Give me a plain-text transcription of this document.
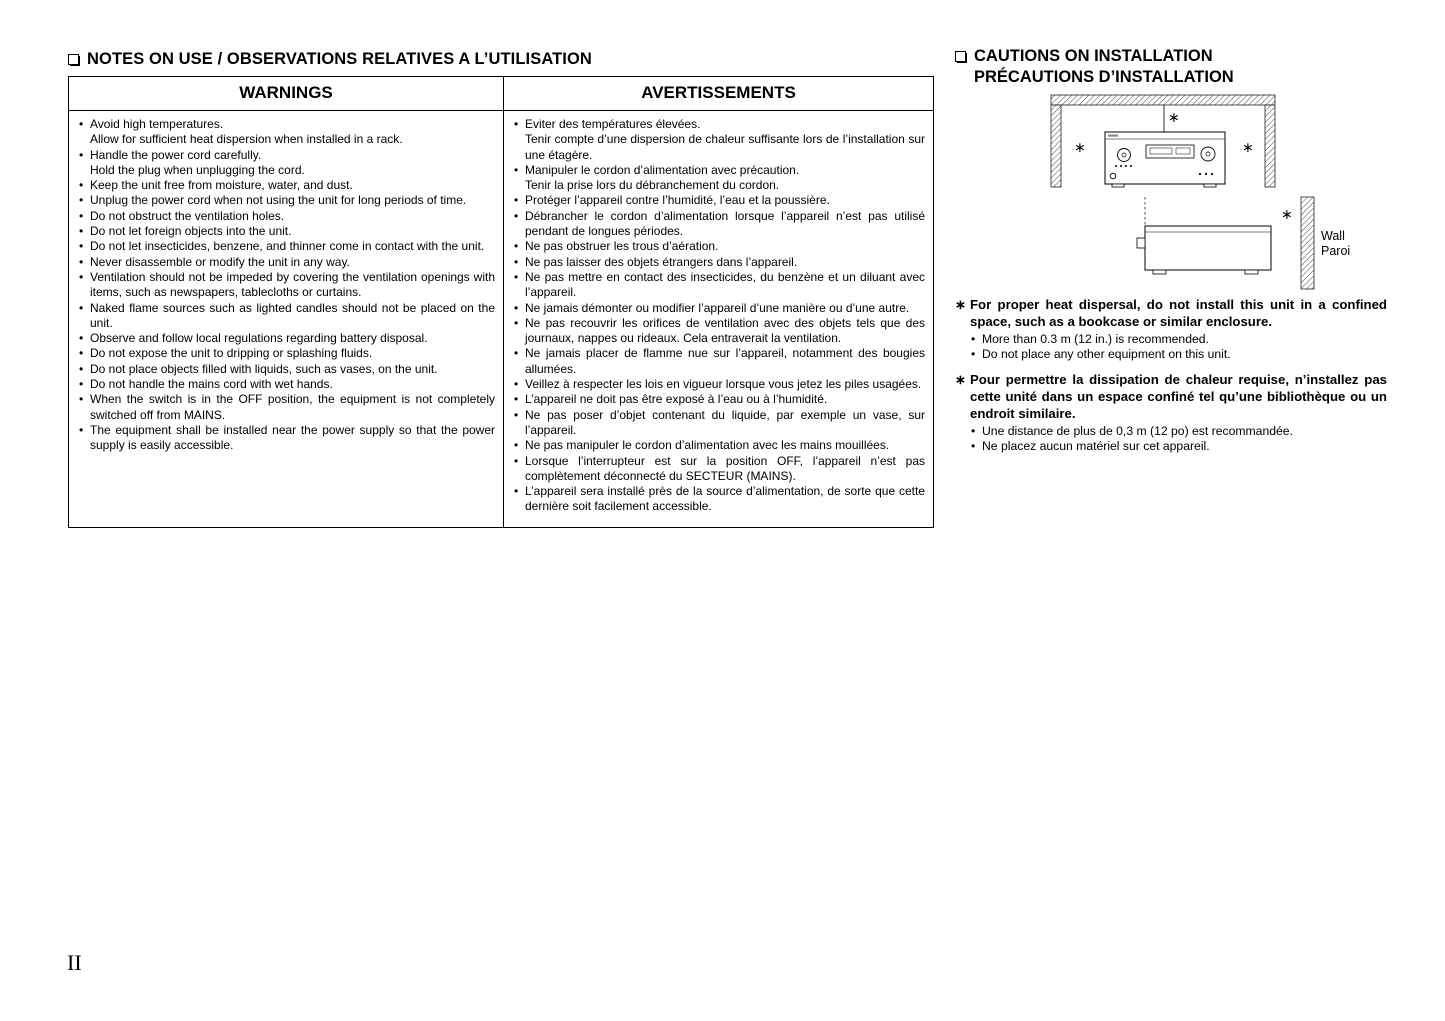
NOTES ON USE / OBSERVATIONS RELATIVES A L’UTILISATION
WARNINGS	AVERTISSEMENTS
• Avoid high temperatures.
Allow for sufficient heat dispersion when installed in a rack.
• Handle the power cord carefully.
Hold the plug when unplugging the cord.
• Keep the unit free from moisture, water, and dust.
• Unplug the power cord when not using the unit for long periods of time.
• Do not obstruct the ventilation holes.
• Do not let foreign objects into the unit.
• Do not let insecticides, benzene, and thinner come in contact with the unit.
• Never disassemble or modify the unit in any way.
• Ventilation should not be impeded by covering the ventilation openings with items, such as newspapers, tablecloths or curtains.
• Naked flame sources such as lighted candles should not be placed on the unit.
• Observe and follow local regulations regarding battery disposal.
• Do not expose the unit to dripping or splashing fluids.
• Do not place objects filled with liquids, such as vases, on the unit.
• Do not handle the mains cord with wet hands.
• When the switch is in the OFF position, the equipment is not completely switched off from MAINS.
• The equipment shall be installed near the power supply so that the power supply is easily accessible.
• Eviter des températures élevées.
Tenir compte d’une dispersion de chaleur suffisante lors de l’installation sur une étagère.
• Manipuler le cordon d’alimentation avec précaution.
Tenir la prise lors du débranchement du cordon.
• Protéger l’appareil contre l’humidité, l’eau et la poussière.
• Débrancher le cordon d’alimentation lorsque l’appareil n’est pas utilisé pendant de longues périodes.
• Ne pas obstruer les trous d’aération.
• Ne pas laisser des objets étrangers dans l’appareil.
• Ne pas mettre en contact des insecticides, du benzène et un diluant avec l’appareil.
• Ne jamais démonter ou modifier l’appareil d’une manière ou d’une autre.
• Ne pas recouvrir les orifices de ventilation avec des objets tels que des journaux, nappes ou rideaux. Cela entraverait la ventilation.
• Ne jamais placer de flamme nue sur l’appareil, notamment des bougies allumées.
• Veillez à respecter les lois en vigueur lorsque vous jetez les piles usagées.
• L’appareil ne doit pas être exposé à l’eau ou à l’humidité.
• Ne pas poser d’objet contenant du liquide, par exemple un vase, sur l’appareil.
• Ne pas manipuler le cordon d’alimentation avec les mains mouillées.
• Lorsque l’interrupteur est sur la position OFF, l’appareil n’est pas complètement déconnecté du SECTEUR (MAINS).
• L’appareil sera installé près de la source d’alimentation, de sorte que cette dernière soit facilement accessible.
CAUTIONS ON INSTALLATION
PRÉCAUTIONS D’INSTALLATION
∗
∗	∗
∗
Wall
Paroi
∗ For proper heat dispersal, do not install this unit in a confined space, such as a bookcase or similar enclosure.
• More than 0.3 m (12 in.) is recommended.
• Do not place any other equipment on this unit.
∗ Pour permettre la dissipation de chaleur requise, n’installez pas cette unité dans un espace confiné tel qu’une bibliothèque ou un endroit similaire.
• Une distance de plus de 0,3 m (12 po) est recommandée.
• Ne placez aucun matériel sur cet appareil.
II
